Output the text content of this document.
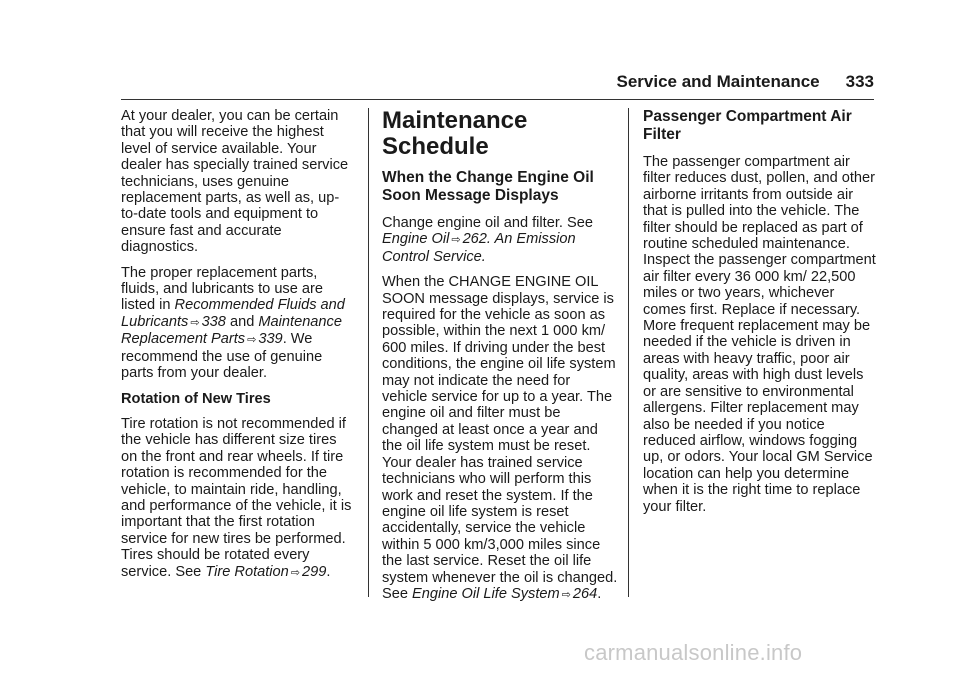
Service and Maintenance 333

At your dealer, you can be certain that you will receive the highest level of service available. Your dealer has specially trained service technicians, uses genuine replacement parts, as well as, up-to-date tools and equipment to ensure fast and accurate diagnostics.

The proper replacement parts, fluids, and lubricants to use are listed in Recommended Fluids and Lubricants ⇨ 338 and Maintenance Replacement Parts ⇨ 339. We recommend the use of genuine parts from your dealer.

Rotation of New Tires

Tire rotation is not recommended if the vehicle has different size tires on the front and rear wheels. If tire rotation is recommended for the vehicle, to maintain ride, handling, and performance of the vehicle, it is important that the first rotation service for new tires be performed. Tires should be rotated every service. See Tire Rotation ⇨ 299.

Maintenance Schedule
When the Change Engine Oil Soon Message Displays

Change engine oil and filter. See Engine Oil ⇨ 262. An Emission Control Service.

When the CHANGE ENGINE OIL SOON message displays, service is required for the vehicle as soon as possible, within the next 1 000 km/ 600 miles. If driving under the best conditions, the engine oil life system may not indicate the need for vehicle service for up to a year. The engine oil and filter must be changed at least once a year and the oil life system must be reset. Your dealer has trained service technicians who will perform this work and reset the system. If the engine oil life system is reset accidentally, service the vehicle within 5 000 km/3,000 miles since the last service. Reset the oil life system whenever the oil is changed. See Engine Oil Life System ⇨ 264.

Passenger Compartment Air Filter

The passenger compartment air filter reduces dust, pollen, and other airborne irritants from outside air that is pulled into the vehicle. The filter should be replaced as part of routine scheduled maintenance. Inspect the passenger compartment air filter every 36 000 km/ 22,500 miles or two years, whichever comes first. Replace if necessary. More frequent replacement may be needed if the vehicle is driven in areas with heavy traffic, poor air quality, areas with high dust levels or are sensitive to environmental allergens. Filter replacement may also be needed if you notice reduced airflow, windows fogging up, or odors. Your local GM Service location can help you determine when it is the right time to replace your filter.

carmanualsonline.info
